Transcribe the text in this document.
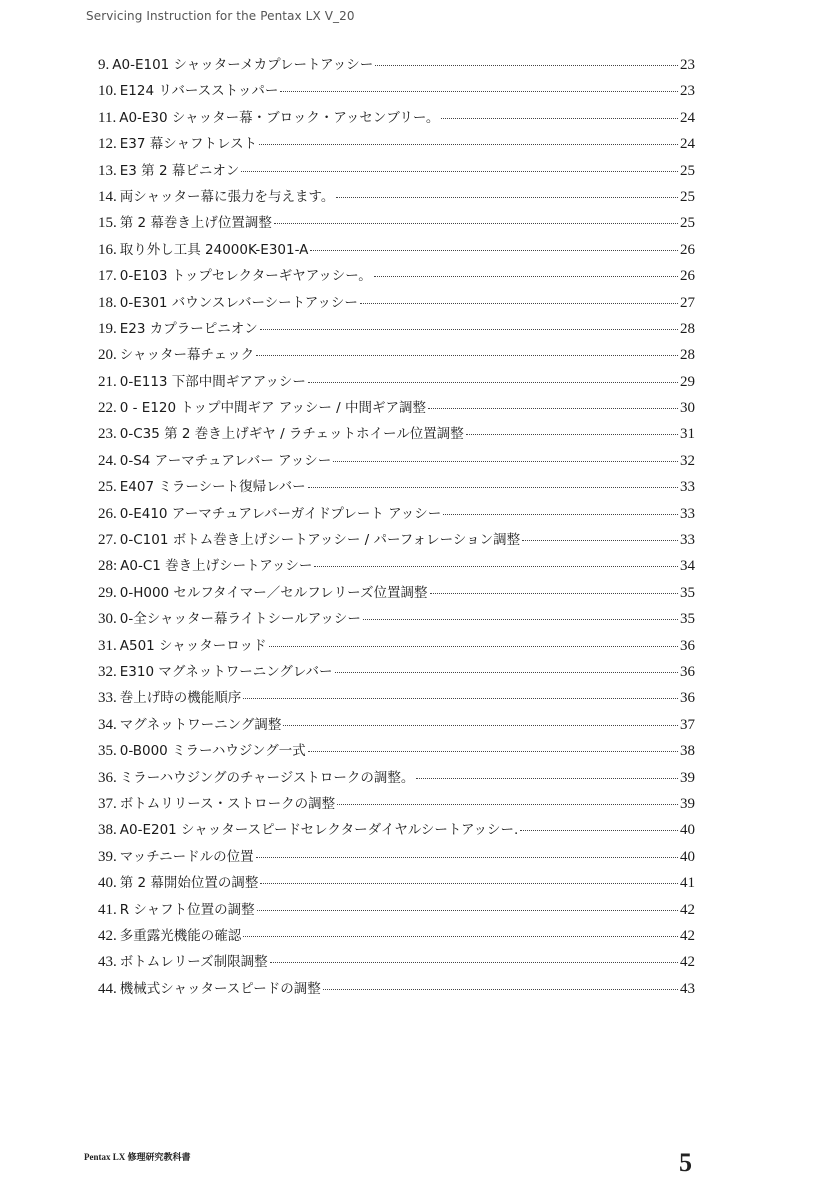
Servicing Instruction for the Pentax LX V_20
9. A0-E101 シャッターメカプレートアッシー	23
10. E124 リバースストッパー	23
11. A0-E30 シャッター幕・ブロック・アッセンブリー。	24
12. E37 幕シャフトレスト	24
13. E3 第 2 幕ピニオン	25
14. 両シャッター幕に張力を与えます。	25
15. 第 2 幕巻き上げ位置調整	25
16. 取り外し工具 24000K-E301-A	26
17. 0-E103 トップセレクターギヤアッシー。	26
18. 0-E301 バウンスレバーシートアッシー	27
19. E23 カプラーピニオン	28
20. シャッター幕チェック	28
21. 0-E113 下部中間ギアアッシー	29
22. 0 - E120 トップ中間ギア アッシー / 中間ギア調整	30
23. 0-C35 第 2 巻き上げギヤ / ラチェットホイール位置調整	31
24. 0-S4 アーマチュアレバー アッシー	32
25. E407 ミラーシート復帰レバー	33
26. 0-E410 アーマチュアレバーガイドプレート アッシー	33
27. 0-C101 ボトム巻き上げシートアッシー / パーフォレーション調整	33
28: A0-C1 巻き上げシートアッシー	34
29. 0-H000 セルフタイマー／セルフレリーズ位置調整	35
30. 0-全シャッター幕ライトシールアッシー	35
31. A501 シャッターロッド	36
32. E310 マグネットワーニングレバー	36
33. 巻上げ時の機能順序	36
34. マグネットワーニング調整	37
35. 0-B000 ミラーハウジング一式	38
36. ミラーハウジングのチャージストロークの調整。	39
37. ボトムリリース・ストロークの調整	39
38. A0-E201 シャッタースピードセレクターダイヤルシートアッシー.	40
39. マッチニードルの位置	40
40. 第 2 幕開始位置の調整	41
41. R シャフト位置の調整	42
42. 多重露光機能の確認	42
43. ボトムレリーズ制限調整	42
44. 機械式シャッタースピードの調整	43
Pentax LX 修理研究教科書	5
